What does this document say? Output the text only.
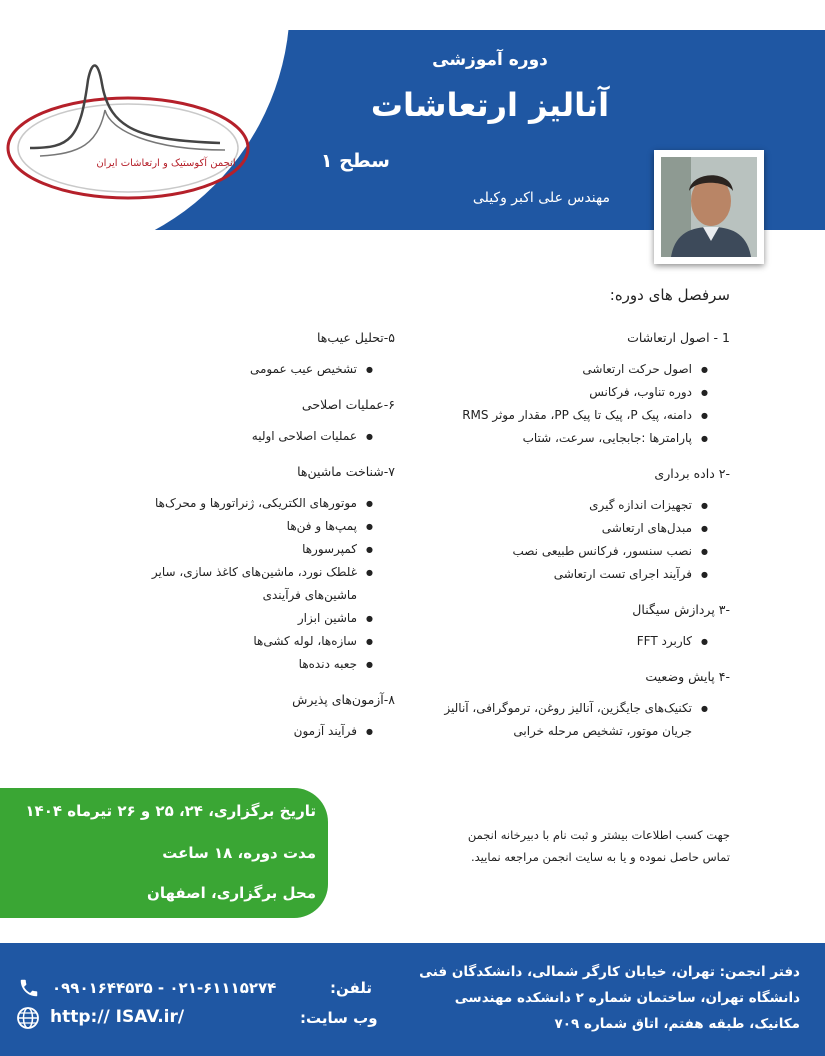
انجمن آکوستیک و ارتعاشات ایران
دوره آموزشی
آنالیز ارتعاشات
سطح ۱
مهندس علی اکبر وکیلی
سرفصل های دوره:
1 - اصول ارتعاشات
● اصول حرکت ارتعاشی
● دوره تناوب، فرکانس
● دامنه، پیک P، پیک تا پیک PP، مقدار موثر RMS
● پارامترها :جابجایی، سرعت، شتاب
-۲ داده برداری
● تجهیزات اندازه گیری
● مبدل‌های ارتعاشی
● نصب سنسور، فرکانس طبیعی نصب
● فرآیند اجرای تست ارتعاشی
-۳ پردازش سیگنال
● کاربرد FFT
-۴ پایش وضعیت
● تکنیک‌های جایگزین، آنالیز روغن، ترموگرافی، آنالیز جریان موتور، تشخیص مرحله خرابی
۵-تحلیل عیب‌ها
● تشخیص عیب عمومی
۶-عملیات اصلاحی
● عملیات اصلاحی اولیه
۷-شناخت ماشین‌ها
● موتورهای الکتریکی، ژنراتورها و محرک‌ها
● پمپ‌ها و فن‌ها
● کمپرسورها
● غلطک نورد، ماشین‌های کاغذ سازی، سایر ماشین‌های فرآیندی
● ماشین ابزار
● سازه‌ها، لوله کشی‌ها
● جعبه دنده‌ها
۸-آزمون‌های پذیرش
● فرآیند آزمون
تاریخ برگزاری، ۲۴، ۲۵ و ۲۶ تیرماه ۱۴۰۴
مدت دوره، ۱۸ ساعت
محل برگزاری، اصفهان
جهت کسب اطلاعات بیشتر و ثبت نام با دبیرخانه انجمن تماس حاصل نموده و یا به سایت انجمن مراجعه نمایید.
دفتر انجمن: تهران، خیابان کارگر شمالی، دانشکدگان فنی دانشگاه تهران، ساختمان شماره ۲ دانشکده مهندسی مکانیک، طبقه هفتم، اتاق شماره ۷۰۹
تلفن:
۰۹۹۰۱۶۴۴۵۳۵ - ۰۲۱-۶۱۱۱۵۲۷۴
وب سایت:
http:// ISAV.ir/
